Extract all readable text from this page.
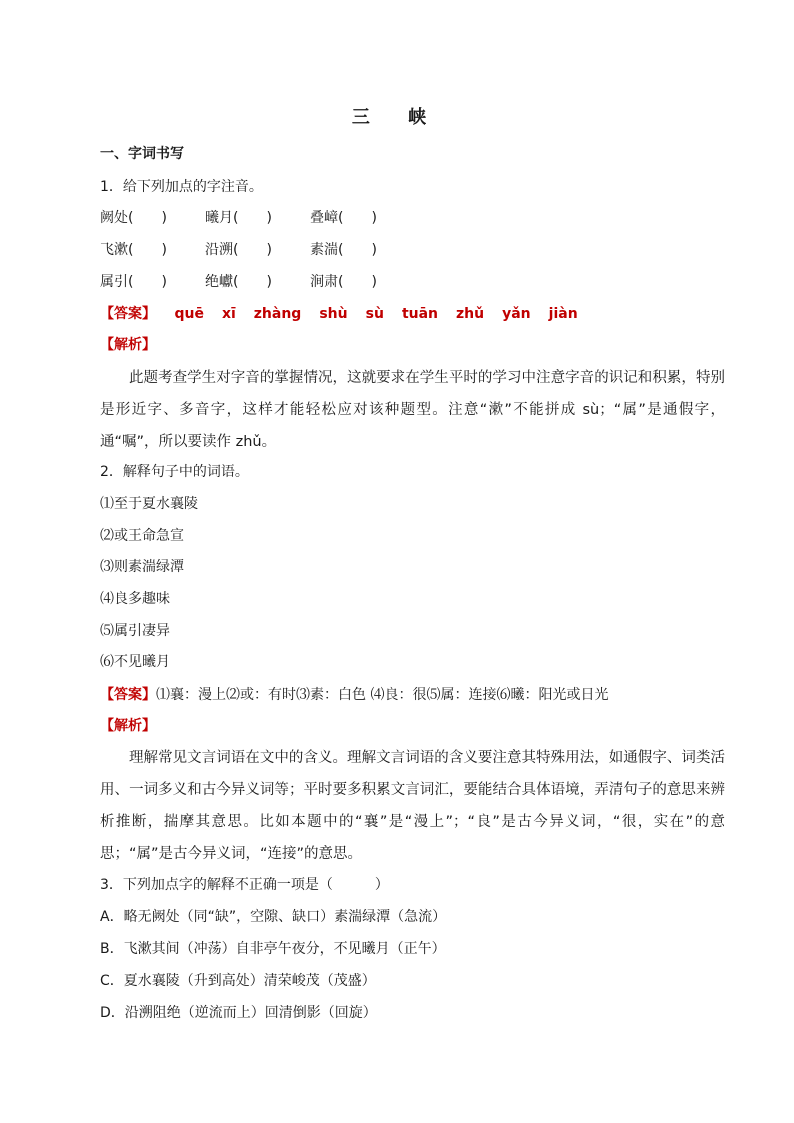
三 峡
一、字词书写
1．给下列加点的字注音。
阙处(　　)	曦月(　　)	叠嶂(　　)
飞漱(　　)	沿溯(　　)	素湍(　　)
属引(　　)	绝巘(　　)	涧肃(　　)
【答案】 quē xī zhàng shù sù tuān zhǔ yǎn jiàn
【解析】
此题考查学生对字音的掌握情况，这就要求在学生平时的学习中注意字音的识记和积累，特别是形近字、多音字，这样才能轻松应对该种题型。注意“漱”不能拼成 sù；“属”是通假字，通“嘱”，所以要读作 zhǔ。
2．解释句子中的词语。
⑴至于夏水襄陵
⑵或王命急宣
⑶则素湍绿潭
⑷良多趣味
⑸属引凄异
⑹不见曦月
【答案】⑴襄：漫上⑵或：有时⑶素：白色 ⑷良：很⑸属：连接⑹曦：阳光或日光
【解析】
理解常见文言词语在文中的含义。理解文言词语的含义要注意其特殊用法，如通假字、词类活用、一词多义和古今异义词等；平时要多积累文言词汇，要能结合具体语境，弄清句子的意思来辨析推断，揣摩其意思。比如本题中的“襄”是“漫上”；“良”是古今异义词，“很，实在”的意思；“属”是古今异义词，“连接”的意思。
3．下列加点字的解释不正确一项是（　　　）
A．略无阙处（同“缺”，空隙、缺口）素湍绿潭（急流）
B．飞漱其间（冲荡）自非亭午夜分，不见曦月（正午）
C．夏水襄陵（升到高处）清荣峻茂（茂盛）
D．沿溯阻绝（逆流而上）回清倒影（回旋）
